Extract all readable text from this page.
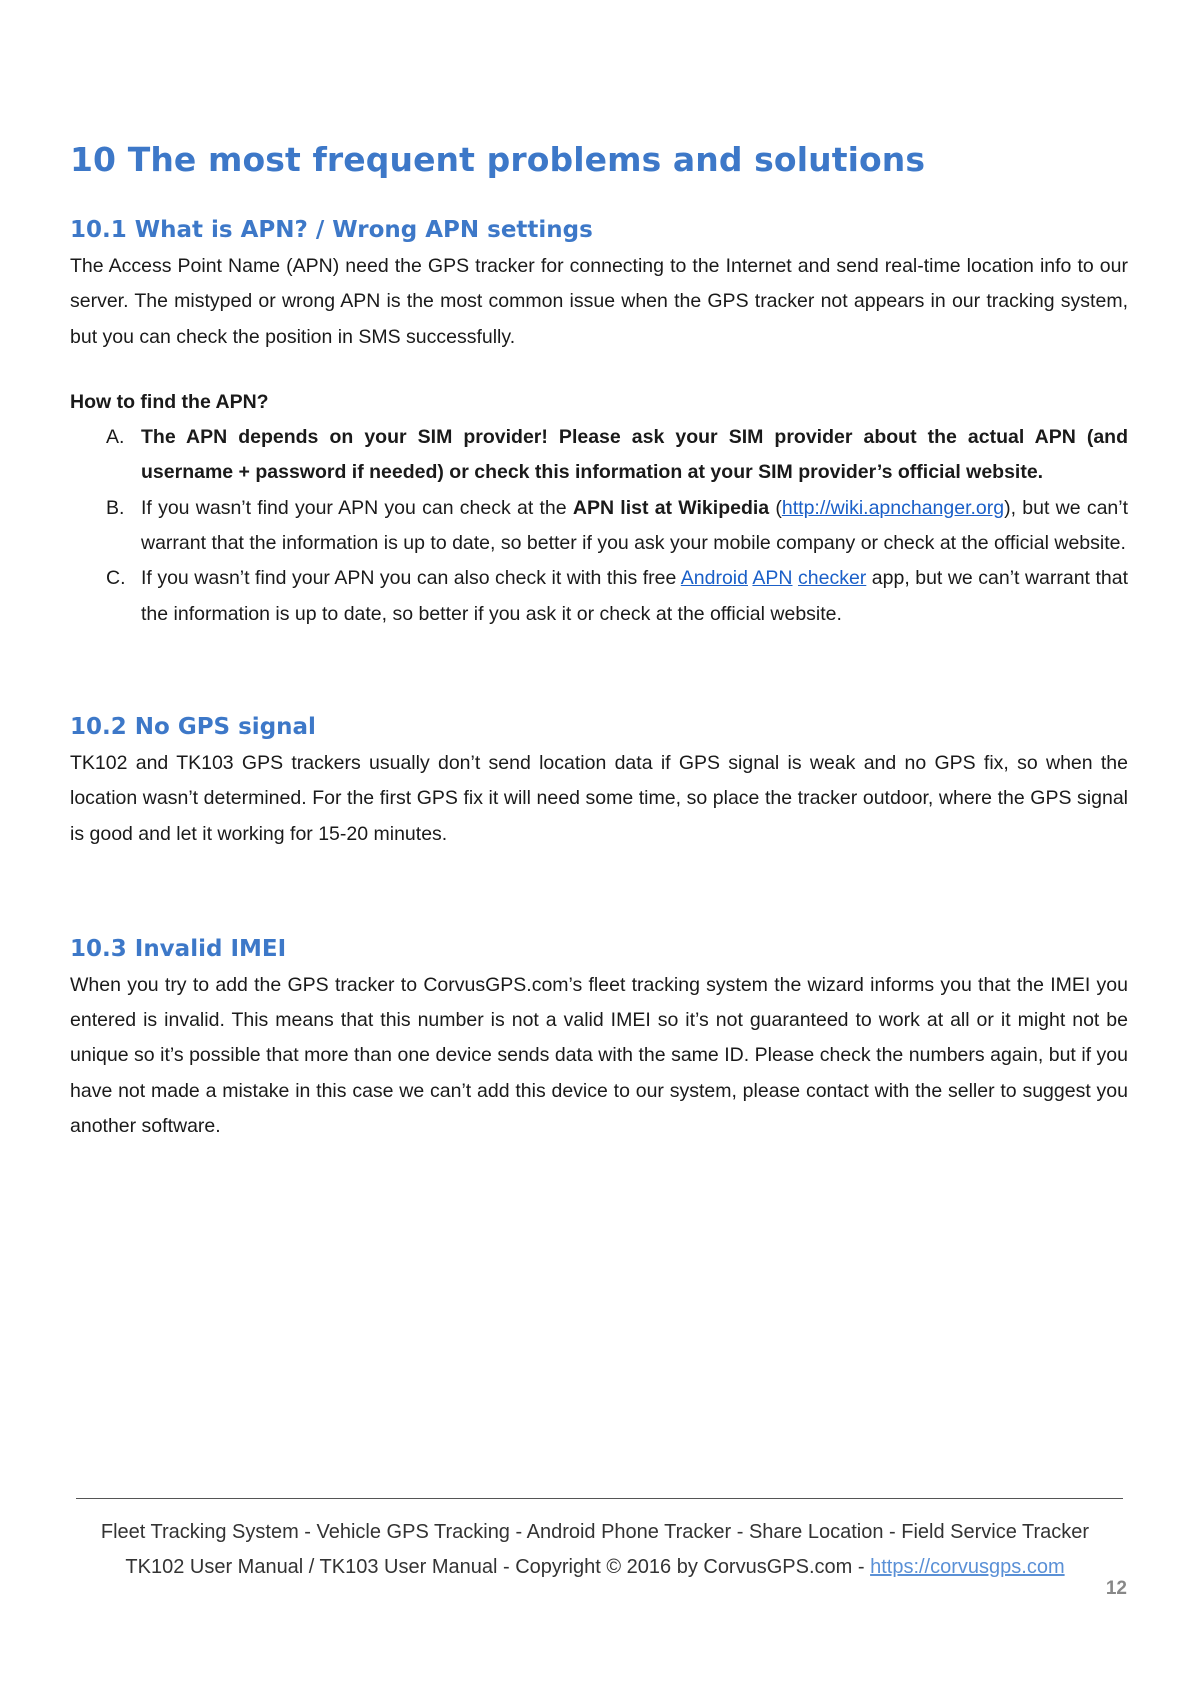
10 The most frequent problems and solutions
10.1 What is APN? / Wrong APN settings

The Access Point Name (APN) need the GPS tracker for connecting to the Internet and send real-time location info to our server. The mistyped or wrong APN is the most common issue when the GPS tracker not appears in our tracking system, but you can check the position in SMS successfully.

How to find the APN?
A. The APN depends on your SIM provider! Please ask your SIM provider about the actual APN (and username + password if needed) or check this information at your SIM provider’s official website.
B. If you wasn’t find your APN you can check at the APN list at Wikipedia (http://wiki.apnchanger.org), but we can’t warrant that the information is up to date, so better if you ask your mobile company or check at the official website.
C. If you wasn’t find your APN you can also check it with this free Android APN checker app, but we can’t warrant that the information is up to date, so better if you ask it or check at the official website.
10.2 No GPS signal

TK102 and TK103 GPS trackers usually don’t send location data if GPS signal is weak and no GPS fix, so when the location wasn’t determined. For the first GPS fix it will need some time, so place the tracker outdoor, where the GPS signal is good and let it working for 15-20 minutes.

10.3 Invalid IMEI

When you try to add the GPS tracker to CorvusGPS.com’s fleet tracking system the wizard informs you that the IMEI you entered is invalid. This means that this number is not a valid IMEI so it’s not guaranteed to work at all or it might not be unique so it’s possible that more than one device sends data with the same ID. Please check the numbers again, but if you have not made a mistake in this case we can’t add this device to our system, please contact with the seller to suggest you another software.

Fleet Tracking System - Vehicle GPS Tracking - Android Phone Tracker - Share Location - Field Service Tracker
TK102 User Manual / TK103 User Manual - Copyright © 2016 by CorvusGPS.com - https://corvusgps.com
12
